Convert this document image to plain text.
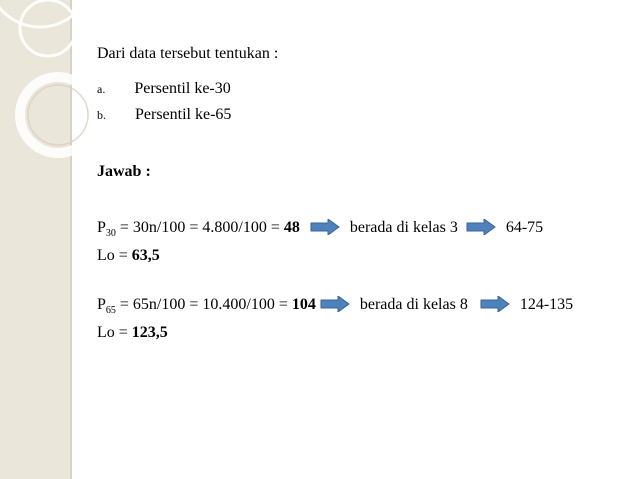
Dari data tersebut tentukan :
a. Persentil ke-30
b. Persentil ke-65
Jawab :
$P_{30} = 30n/100 = 4.800/100 = 48$	berada di kelas 3	64-75
Lo = 63,5
$P_{65} = 65n/100 = 10.400/100 = 104$	berada di kelas 8	124-135
Lo = 123,5
